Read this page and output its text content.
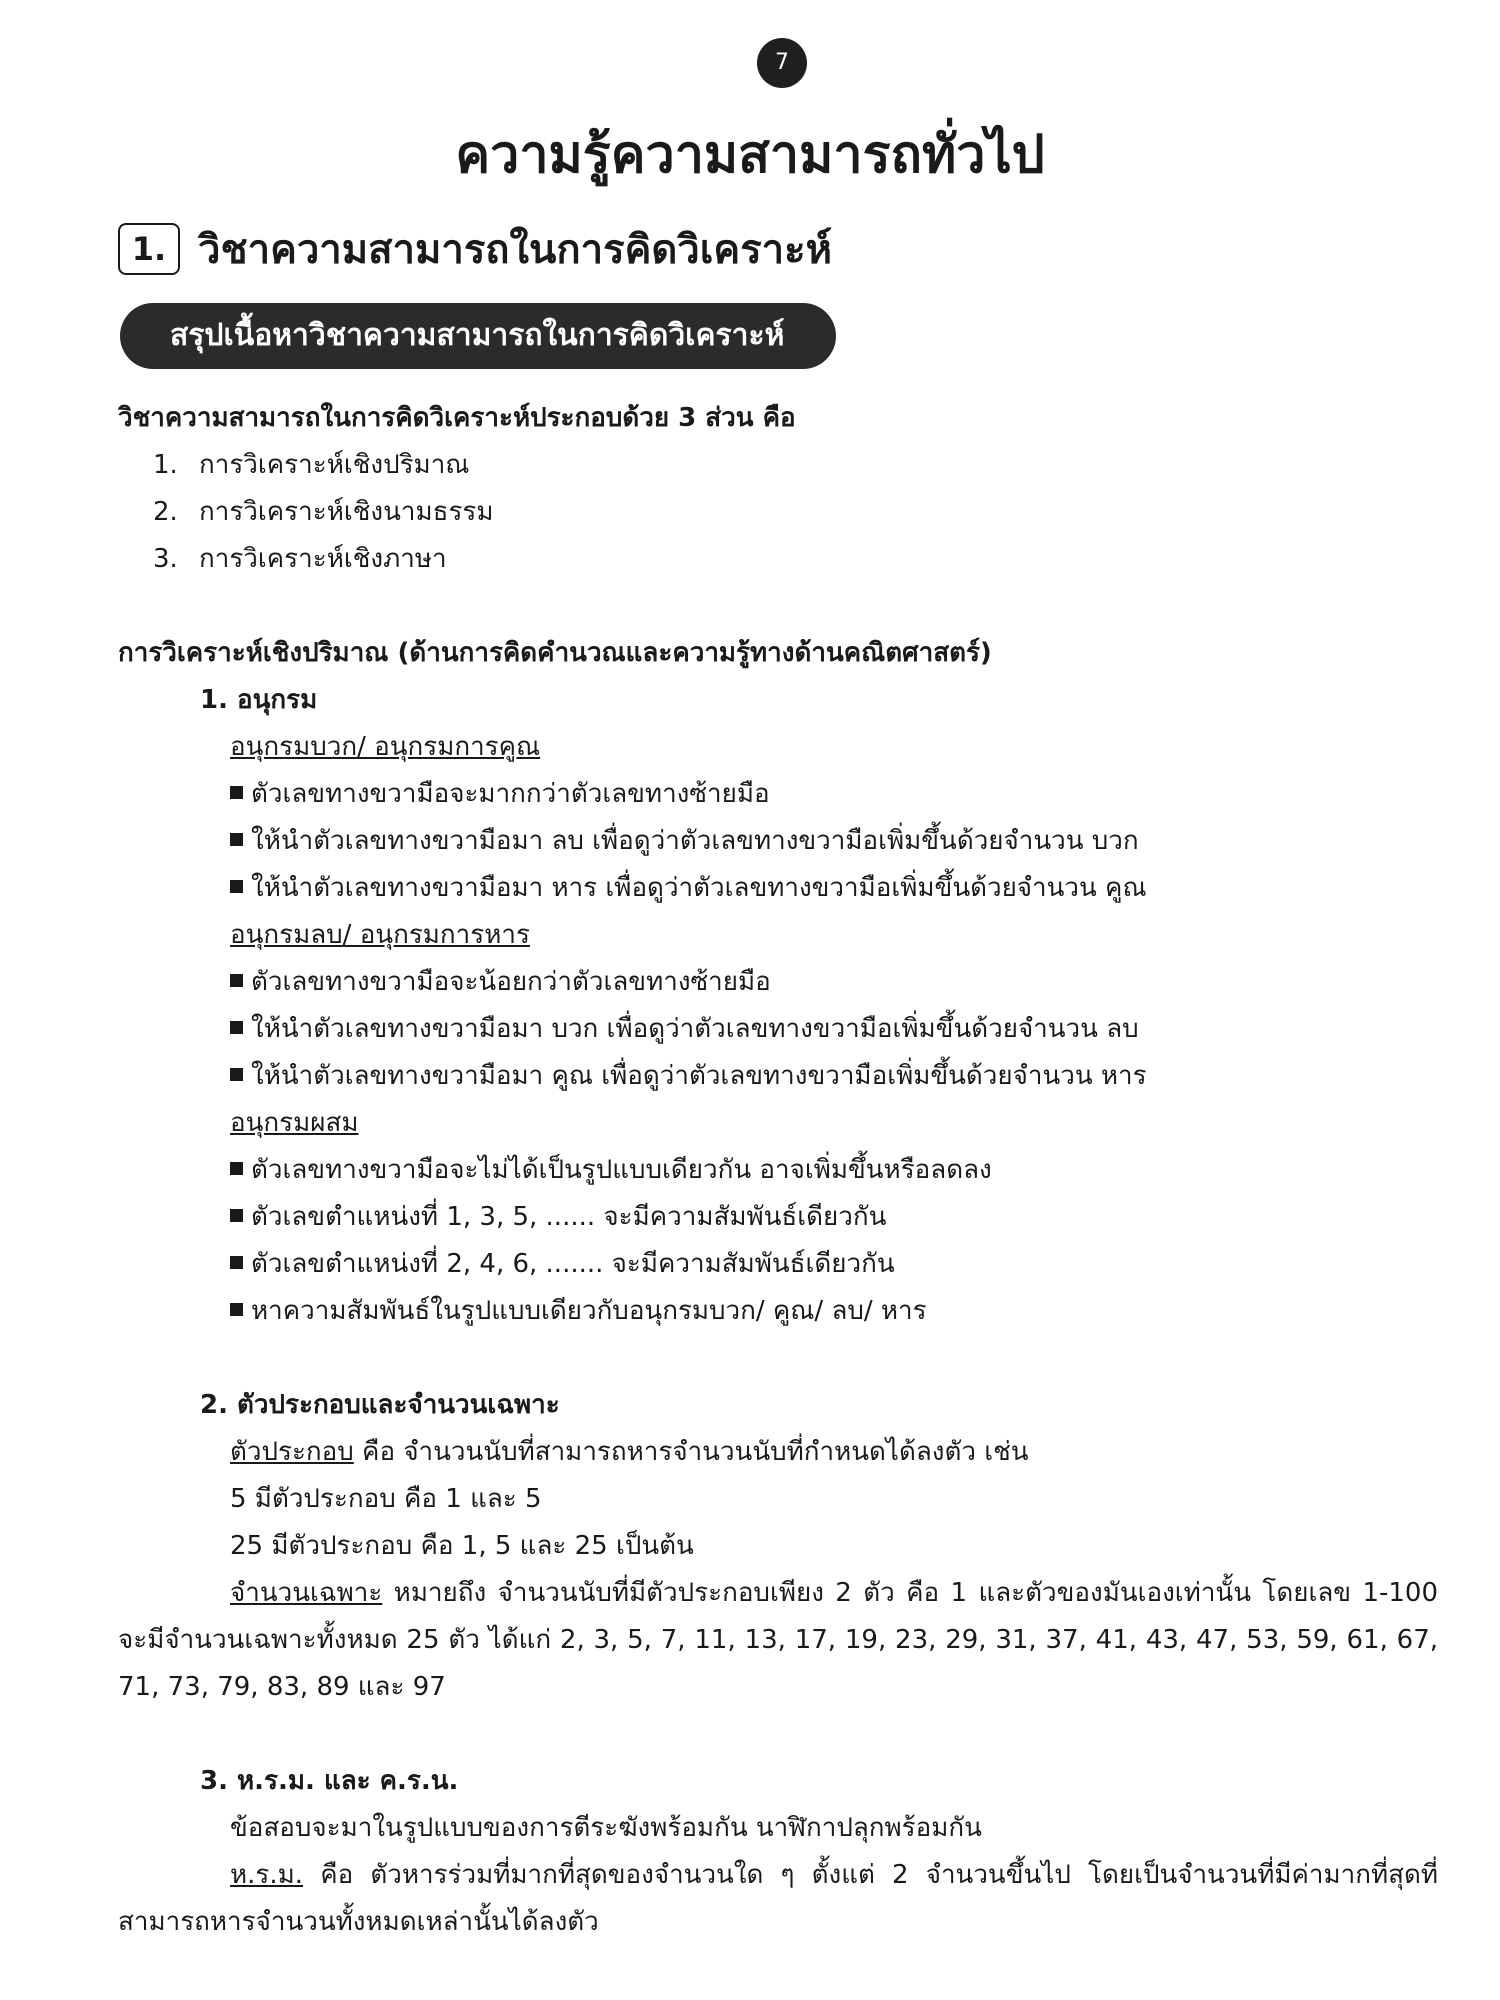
7
ความรู้ความสามารถทั่วไป
1. วิชาความสามารถในการคิดวิเคราะห์
สรุปเนื้อหาวิชาความสามารถในการคิดวิเคราะห์

วิชาความสามารถในการคิดวิเคราะห์ประกอบด้วย 3 ส่วน คือ

1. การวิเคราะห์เชิงปริมาณ

2. การวิเคราะห์เชิงนามธรรม

3. การวิเคราะห์เชิงภาษา

การวิเคราะห์เชิงปริมาณ (ด้านการคิดคำนวณและความรู้ทางด้านคณิตศาสตร์)

1. อนุกรม

อนุกรมบวก/ อนุกรมการคูณ

ตัวเลขทางขวามือจะมากกว่าตัวเลขทางซ้ายมือ

ให้นำตัวเลขทางขวามือมา ลบ เพื่อดูว่าตัวเลขทางขวามือเพิ่มขึ้นด้วยจำนวน บวก

ให้นำตัวเลขทางขวามือมา หาร เพื่อดูว่าตัวเลขทางขวามือเพิ่มขึ้นด้วยจำนวน คูณ

อนุกรมลบ/ อนุกรมการหาร

ตัวเลขทางขวามือจะน้อยกว่าตัวเลขทางซ้ายมือ

ให้นำตัวเลขทางขวามือมา บวก เพื่อดูว่าตัวเลขทางขวามือเพิ่มขึ้นด้วยจำนวน ลบ

ให้นำตัวเลขทางขวามือมา คูณ เพื่อดูว่าตัวเลขทางขวามือเพิ่มขึ้นด้วยจำนวน หาร

อนุกรมผสม

ตัวเลขทางขวามือจะไม่ได้เป็นรูปแบบเดียวกัน อาจเพิ่มขึ้นหรือลดลง

ตัวเลขตำแหน่งที่ 1, 3, 5, ...... จะมีความสัมพันธ์เดียวกัน

ตัวเลขตำแหน่งที่ 2, 4, 6, ....... จะมีความสัมพันธ์เดียวกัน

หาความสัมพันธ์ในรูปแบบเดียวกับอนุกรมบวก/ คูณ/ ลบ/ หาร

2. ตัวประกอบและจำนวนเฉพาะ

ตัวประกอบ คือ จำนวนนับที่สามารถหารจำนวนนับที่กำหนดได้ลงตัว เช่น

5 มีตัวประกอบ คือ 1 และ 5

25 มีตัวประกอบ คือ 1, 5 และ 25 เป็นต้น

จำนวนเฉพาะ หมายถึง จำนวนนับที่มีตัวประกอบเพียง 2 ตัว คือ 1 และตัวของมันเองเท่านั้น โดยเลข 1-100 จะมีจำนวนเฉพาะทั้งหมด 25 ตัว ได้แก่ 2, 3, 5, 7, 11, 13, 17, 19, 23, 29, 31, 37, 41, 43, 47, 53, 59, 61, 67, 71, 73, 79, 83, 89 และ 97

3. ห.ร.ม. และ ค.ร.น.

ข้อสอบจะมาในรูปแบบของการตีระฆังพร้อมกัน นาฬิกาปลุกพร้อมกัน

ห.ร.ม. คือ ตัวหารร่วมที่มากที่สุดของจำนวนใด ๆ ตั้งแต่ 2 จำนวนขึ้นไป โดยเป็นจำนวนที่มีค่ามากที่สุดที่สามารถหารจำนวนทั้งหมดเหล่านั้นได้ลงตัว
